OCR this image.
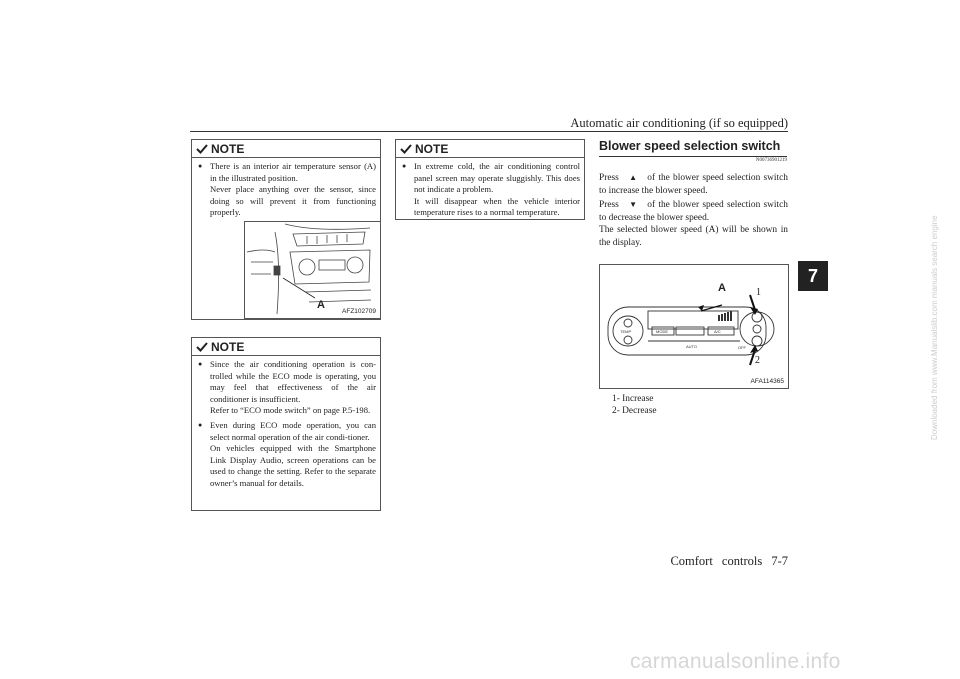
Automatic air conditioning (if so equipped)
7
NOTE

● There is an interior air temperature sensor (A) in the illustrated position.

Never place anything over the sensor, since doing so will prevent it from functioning properly.

A
AFZ102709
NOTE

● Since the air conditioning operation is con-trolled while the ECO mode is operating, you may feel that effectiveness of the air conditioner is insufficient.

Refer to “ECO mode switch” on page P.5-198.

● Even during ECO mode operation, you can select normal operation of the air condi-tioner.

On vehicles equipped with the Smartphone Link Display Audio, screen operations can be used to change the setting. Refer to the separate owner’s manual for details.

NOTE

● In extreme cold, the air conditioning control panel screen may operate sluggishly. This does not indicate a problem.

It will disappear when the vehicle interior temperature rises to a normal temperature.

Blower speed selection switch
N00736901219

Press ▲ of the blower speed selection switch to increase the blower speed.

Press ▼ of the blower speed selection switch to decrease the blower speed.

The selected blower speed (A) will be shown in the display.

TEMP	MODE
AUTO
A/C
OFF
A	1
2
AFA114365
1- Increase
2- Decrease
Comfort controls 7-7
carmanualsonline.info
Downloaded from www.Manualslib.com manuals search engine
